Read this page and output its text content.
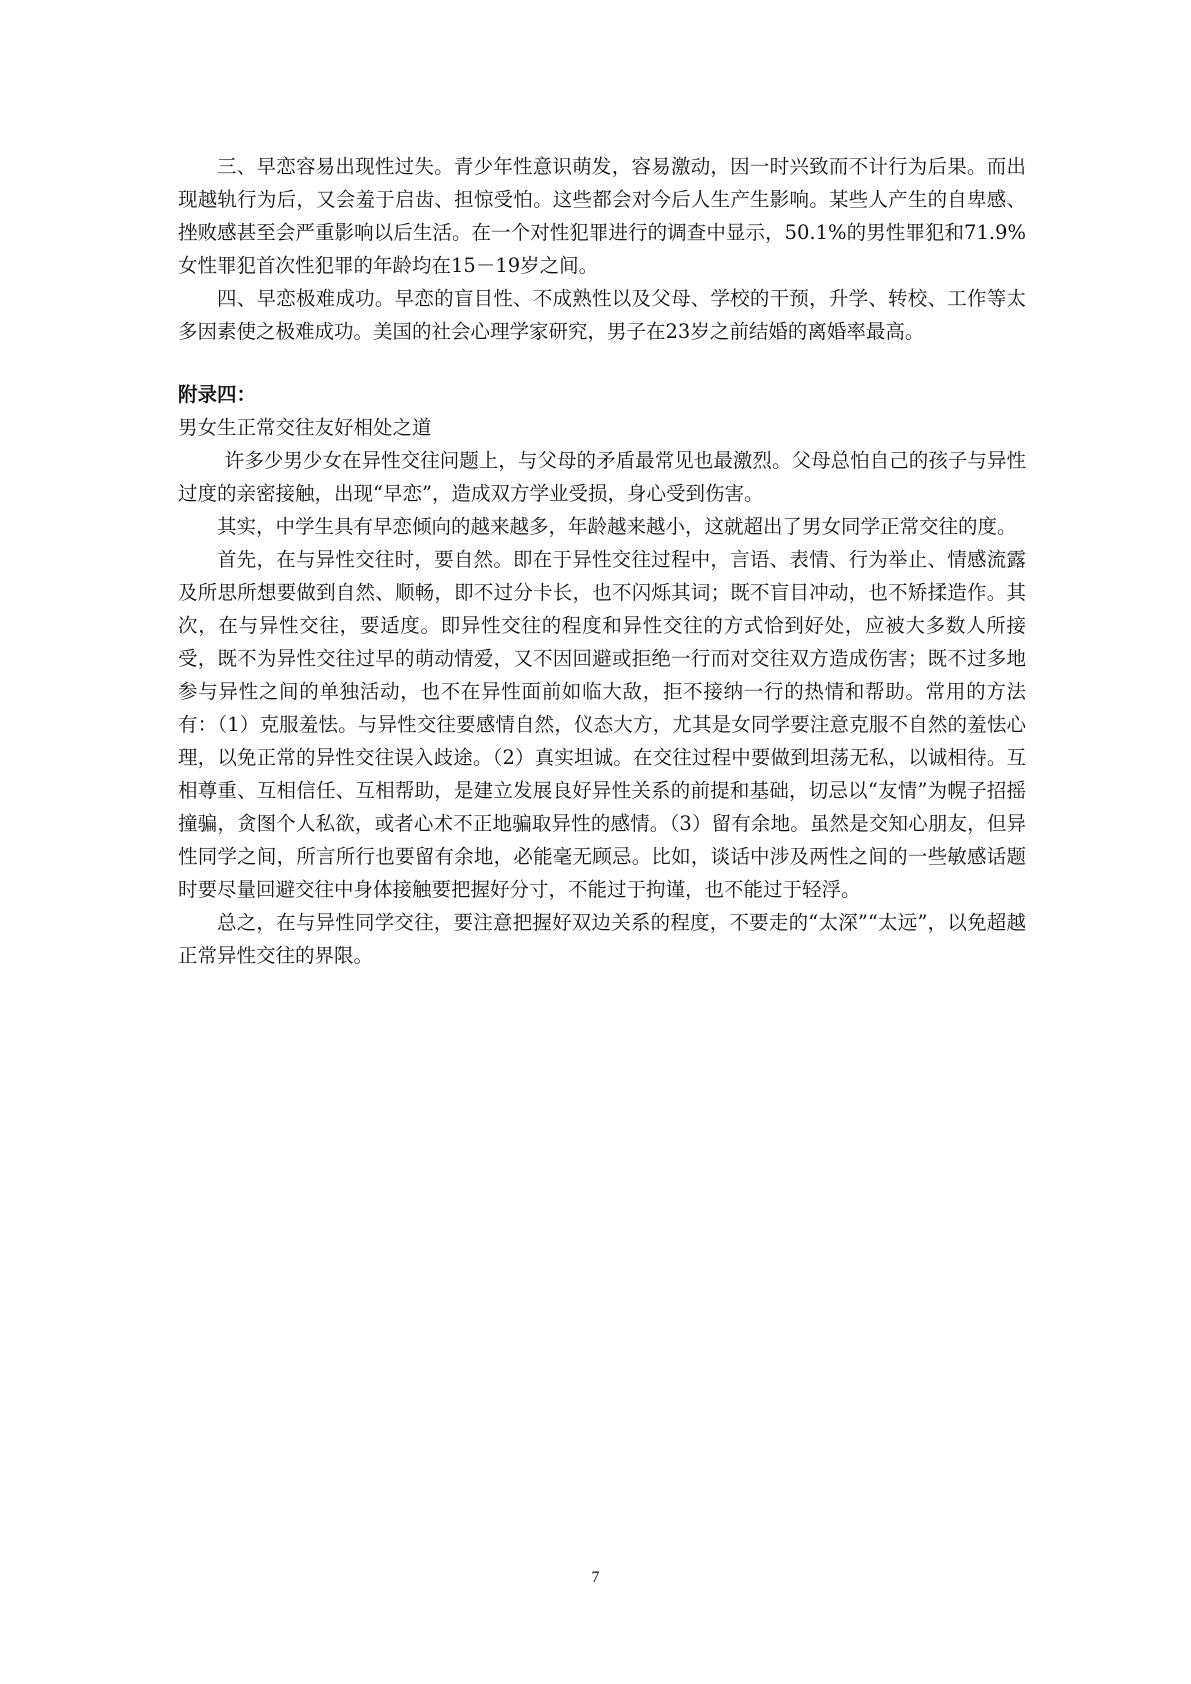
三、早恋容易出现性过失。青少年性意识萌发，容易激动，因一时兴致而不计行为后果。而出现越轨行为后，又会羞于启齿、担惊受怕。这些都会对今后人生产生影响。某些人产生的自卑感、挫败感甚至会严重影响以后生活。在一个对性犯罪进行的调查中显示，50.1%的男性罪犯和71.9%女性罪犯首次性犯罪的年龄均在15－19岁之间。

四、早恋极难成功。早恋的盲目性、不成熟性以及父母、学校的干预，升学、转校、工作等太多因素使之极难成功。美国的社会心理学家研究，男子在23岁之前结婚的离婚率最高。

附录四：

男女生正常交往友好相处之道

许多少男少女在异性交往问题上，与父母的矛盾最常见也最激烈。父母总怕自己的孩子与异性过度的亲密接触，出现“早恋”，造成双方学业受损，身心受到伤害。

其实，中学生具有早恋倾向的越来越多，年龄越来越小，这就超出了男女同学正常交往的度。

首先，在与异性交往时，要自然。即在于异性交往过程中，言语、表情、行为举止、情感流露及所思所想要做到自然、顺畅，即不过分卡长，也不闪烁其词；既不盲目冲动，也不矫揉造作。其次，在与异性交往，要适度。即异性交往的程度和异性交往的方式恰到好处，应被大多数人所接受，既不为异性交往过早的萌动情爱，又不因回避或拒绝一行而对交往双方造成伤害；既不过多地参与异性之间的单独活动，也不在异性面前如临大敌，拒不接纳一行的热情和帮助。常用的方法有：（1）克服羞怯。与异性交往要感情自然，仪态大方，尤其是女同学要注意克服不自然的羞怯心理，以免正常的异性交往误入歧途。（2）真实坦诚。在交往过程中要做到坦荡无私，以诚相待。互相尊重、互相信任、互相帮助，是建立发展良好异性关系的前提和基础，切忌以“友情”为幌子招摇撞骗，贪图个人私欲，或者心术不正地骗取异性的感情。（3）留有余地。虽然是交知心朋友，但异性同学之间，所言所行也要留有余地，必能毫无顾忌。比如，谈话中涉及两性之间的一些敏感话题时要尽量回避交往中身体接触要把握好分寸，不能过于拘谨，也不能过于轻浮。

总之，在与异性同学交往，要注意把握好双边关系的程度，不要走的“太深”“太远”，以免超越正常异性交往的界限。

7
